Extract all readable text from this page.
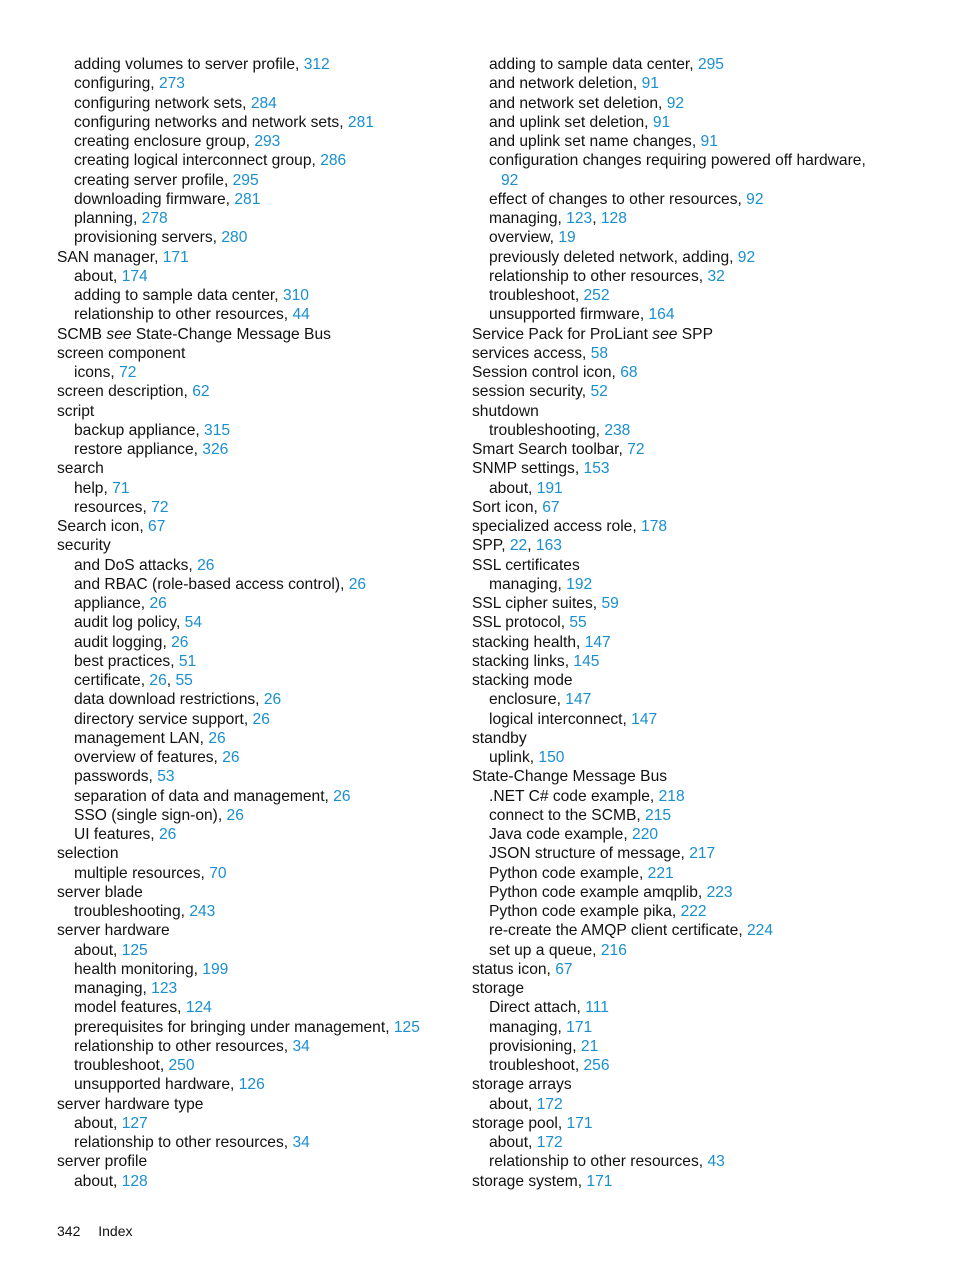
adding volumes to server profile, 312
configuring, 273
configuring network sets, 284
configuring networks and network sets, 281
creating enclosure group, 293
creating logical interconnect group, 286
creating server profile, 295
downloading firmware, 281
planning, 278
provisioning servers, 280
SAN manager, 171
about, 174
adding to sample data center, 310
relationship to other resources, 44
SCMB see State-Change Message Bus
screen component
icons, 72
screen description, 62
script
backup appliance, 315
restore appliance, 326
search
help, 71
resources, 72
Search icon, 67
security
and DoS attacks, 26
and RBAC (role-based access control), 26
appliance, 26
audit log policy, 54
audit logging, 26
best practices, 51
certificate, 26, 55
data download restrictions, 26
directory service support, 26
management LAN, 26
overview of features, 26
passwords, 53
separation of data and management, 26
SSO (single sign-on), 26
UI features, 26
selection
multiple resources, 70
server blade
troubleshooting, 243
server hardware
about, 125
health monitoring, 199
managing, 123
model features, 124
prerequisites for bringing under management, 125
relationship to other resources, 34
troubleshoot, 250
unsupported hardware, 126
server hardware type
about, 127
relationship to other resources, 34
server profile
about, 128
adding to sample data center, 295
and network deletion, 91
and network set deletion, 92
and uplink set deletion, 91
and uplink set name changes, 91
configuration changes requiring powered off hardware,
92
effect of changes to other resources, 92
managing, 123, 128
overview, 19
previously deleted network, adding, 92
relationship to other resources, 32
troubleshoot, 252
unsupported firmware, 164
Service Pack for ProLiant see SPP
services access, 58
Session control icon, 68
session security, 52
shutdown
troubleshooting, 238
Smart Search toolbar, 72
SNMP settings, 153
about, 191
Sort icon, 67
specialized access role, 178
SPP, 22, 163
SSL certificates
managing, 192
SSL cipher suites, 59
SSL protocol, 55
stacking health, 147
stacking links, 145
stacking mode
enclosure, 147
logical interconnect, 147
standby
uplink, 150
State-Change Message Bus
.NET C# code example, 218
connect to the SCMB, 215
Java code example, 220
JSON structure of message, 217
Python code example, 221
Python code example amqplib, 223
Python code example pika, 222
re-create the AMQP client certificate, 224
set up a queue, 216
status icon, 67
storage
Direct attach, 111
managing, 171
provisioning, 21
troubleshoot, 256
storage arrays
about, 172
storage pool, 171
about, 172
relationship to other resources, 43
storage system, 171
342 Index
